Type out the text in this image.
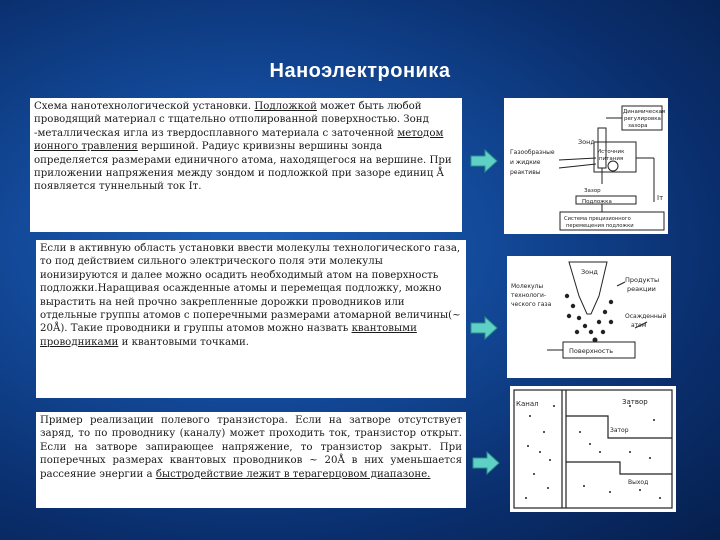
Наноэлектроника
Схема нанотехнологической установки. Подложкой может быть любой проводящий материал с тщательно отполированной поверхностью. Зонд -металлическая игла из твердосплавного материала с заточенной методом ионного травления вершиной. Радиус кривизны вершины зонда определяется размерами единичного атома, находящегося на вершине. При приложении напряжения между зондом и подложкой при зазоре единиц Å появляется туннельный ток Iт.
Если в активную область установки ввести молекулы технологического газа, то под действием сильного электрического поля эти молекулы ионизируются и далее можно осадить необходимый атом на поверхность подложки.Наращивая осажденные атомы и перемещая подложку, можно вырастить на ней прочно закрепленные дорожки проводников или отдельные группы атомов с поперечными размерами атомарной величины(~ 20Å). Такие проводники и группы атомов можно назвать квантовыми проводниками и квантовыми точками.
Пример реализации полевого транзистора. Если на затворе отсутствует заряд, то по проводнику (каналу) может проходить ток, транзистор открыт. Если на затворе запирающее напряжение, то транзистор закрыт. При поперечных размерах квантовых проводников ~ 20Å в них уменьшается рассеяние энергии а быстродействие лежит в терагерцовом диапазоне.
Динамическая
регулировка
зазора
Зонд
Источник
питания
Газообразные
и жидкие
реактивы
Зазор
Подложка	Iт
Система прецизионного
перемещения подложки
Зонд
Молекулы
технологи-
ческого газа
Продукты
реакции
Осажденный
атом
Поверхность
Канал	Затвор
Затор
Выход
